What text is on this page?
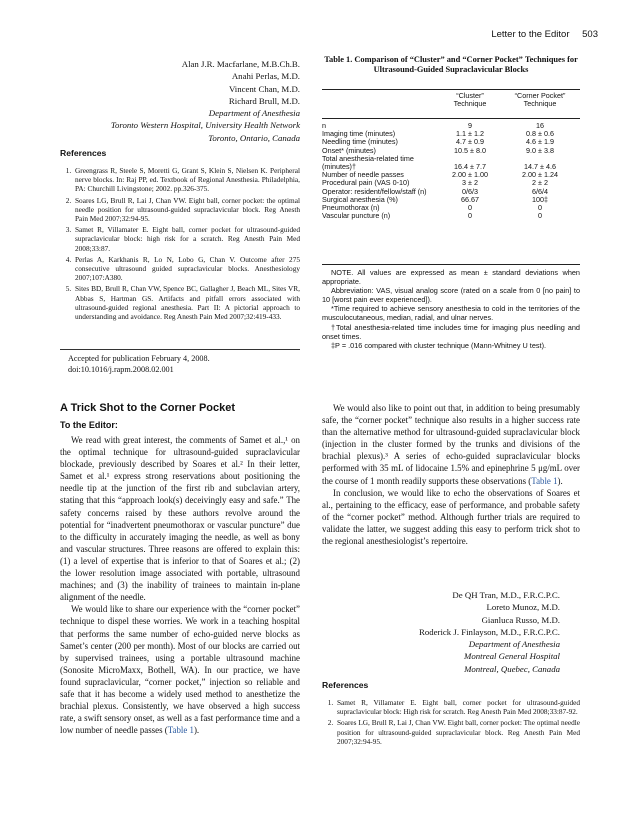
Letter to the Editor 503
Alan J.R. Macfarlane, M.B.Ch.B.
Anahi Perlas, M.D.
Vincent Chan, M.D.
Richard Brull, M.D.
Department of Anesthesia
Toronto Western Hospital, University Health Network
Toronto, Ontario, Canada
References
1. Greengrass R, Steele S, Moretti G, Grant S, Klein S, Nielsen K. Peripheral nerve blocks. In: Raj PP, ed. Textbook of Regional Anesthesia. Philadelphia, PA: Churchill Livingstone; 2002. pp.326-375.
2. Soares LG, Brull R, Lai J, Chan VW. Eight ball, corner pocket: the optimal needle position for ultrasound-guided supraclavicular block. Reg Anesth Pain Med 2007;32:94-95.
3. Samet R, Villamater E. Eight ball, corner pocket for ultrasound-guided supraclavicular block: high risk for a scratch. Reg Anesth Pain Med 2008;33:87.
4. Perlas A, Karkhanis R, Lo N, Lobo G, Chan V. Outcome after 275 consecutive ultrasound guided supraclavicular blocks. Anesthesiology 2007;107:A380.
5. Sites BD, Brull R, Chan VW, Spence BC, Gallagher J, Beach ML, Sites VR, Abbas S, Hartman GS. Artifacts and pitfall errors associated with ultrasound-guided regional anesthesia. Part II: A pictorial approach to understanding and avoidance. Reg Anesth Pain Med 2007;32:419-433.
Accepted for publication February 4, 2008.
doi:10.1016/j.rapm.2008.02.001
Table 1. Comparison of “Cluster” and “Corner Pocket” Techniques for Ultrasound-Guided Supraclavicular Blocks
	“Cluster” Technique	“Corner Pocket” Technique
n	9	16
Imaging time (minutes)	1.1 ± 1.2	0.8 ± 0.6
Needling time (minutes)	4.7 ± 0.9	4.6 ± 1.9
Onset* (minutes)	10.5 ± 8.0	9.0 ± 3.8
Total anesthesia-related time (minutes)†	16.4 ± 7.7	14.7 ± 4.6
Number of needle passes	2.00 ± 1.00	2.00 ± 1.24
Procedural pain (VAS 0-10)	3 ± 2	2 ± 2
Operator: resident/fellow/staff (n)	0/6/3	6/6/4
Surgical anesthesia (%)	66.67	100‡
Pneumothorax (n)	0	0
Vascular puncture (n)	0	0

NOTE. All values are expressed as mean ± standard deviations when appropriate.

Abbreviation: VAS, visual analog score (rated on a scale from 0 [no pain] to 10 [worst pain ever experienced]).

*Time required to achieve sensory anesthesia to cold in the territories of the musculocutaneous, median, radial, and ulnar nerves.

†Total anesthesia-related time includes time for imaging plus needling and onset times.

‡P = .016 compared with cluster technique (Mann-Whitney U test).

A Trick Shot to the Corner Pocket
To the Editor:

We read with great interest, the comments of Samet et al.,¹ on the optimal technique for ultrasound-guided supraclavicular blockade, previously described by Soares et al.² In their letter, Samet et al.¹ express strong reservations about positioning the needle tip at the junction of the first rib and subclavian artery, stating that this “approach look(s) deceivingly easy and safe.” The safety concerns raised by these authors revolve around the potential for “inadvertent pneumothorax or vascular puncture” due to the difficulty in accurately imaging the needle, as well as bony and vascular structures. Three reasons are offered to explain this: (1) a level of expertise that is inferior to that of Soares et al.; (2) the lower resolution image associated with portable, ultrasound machines; and (3) the inability of trainees to maintain in-plane alignment of the needle.

We would like to share our experience with the “corner pocket” technique to dispel these worries. We work in a teaching hospital that performs the same number of echo-guided nerve blocks as Samet’s center (200 per month). Most of our blocks are carried out by supervised trainees, using a portable ultrasound machine (Sonosite MicroMaxx, Bothell, WA). In our practice, we have found supraclavicular, “corner pocket,” injection so reliable and safe that it has become a widely used method to anesthetize the brachial plexus. Consistently, we have observed a high success rate, a swift sensory onset, as well as a fast performance time and a low number of needle passes (Table 1).

We would also like to point out that, in addition to being presumably safe, the “corner pocket” technique also results in a higher success rate than the alternative method for ultrasound-guided supraclavicular block (injection in the cluster formed by the trunks and divisions of the brachial plexus).³ A series of echo-guided supraclavicular blocks performed with 35 mL of lidocaine 1.5% and epinephrine 5 μg/mL over the course of 1 month readily supports these observations (Table 1).

In conclusion, we would like to echo the observations of Soares et al., pertaining to the efficacy, ease of performance, and probable safety of the “corner pocket” method. Although further trials are required to validate the latter, we suggest adding this easy to perform trick shot to the regional anesthesiologist’s repertoire.

De QH Tran, M.D., F.R.C.P.C.
Loreto Munoz, M.D.
Gianluca Russo, M.D.
Roderick J. Finlayson, M.D., F.R.C.P.C.
Department of Anesthesia
Montreal General Hospital
Montreal, Quebec, Canada
References
1. Samet R, Villamater E. Eight ball, corner pocket for ultrasound-guided supraclavicular block: High risk for scratch. Reg Anesth Pain Med 2008;33:87-92.
2. Soares LG, Brull R, Lai J, Chan VW. Eight ball, corner pocket: The optimal needle position for ultrasound-guided supraclavicular block. Reg Anesth Pain Med 2007;32:94-95.
